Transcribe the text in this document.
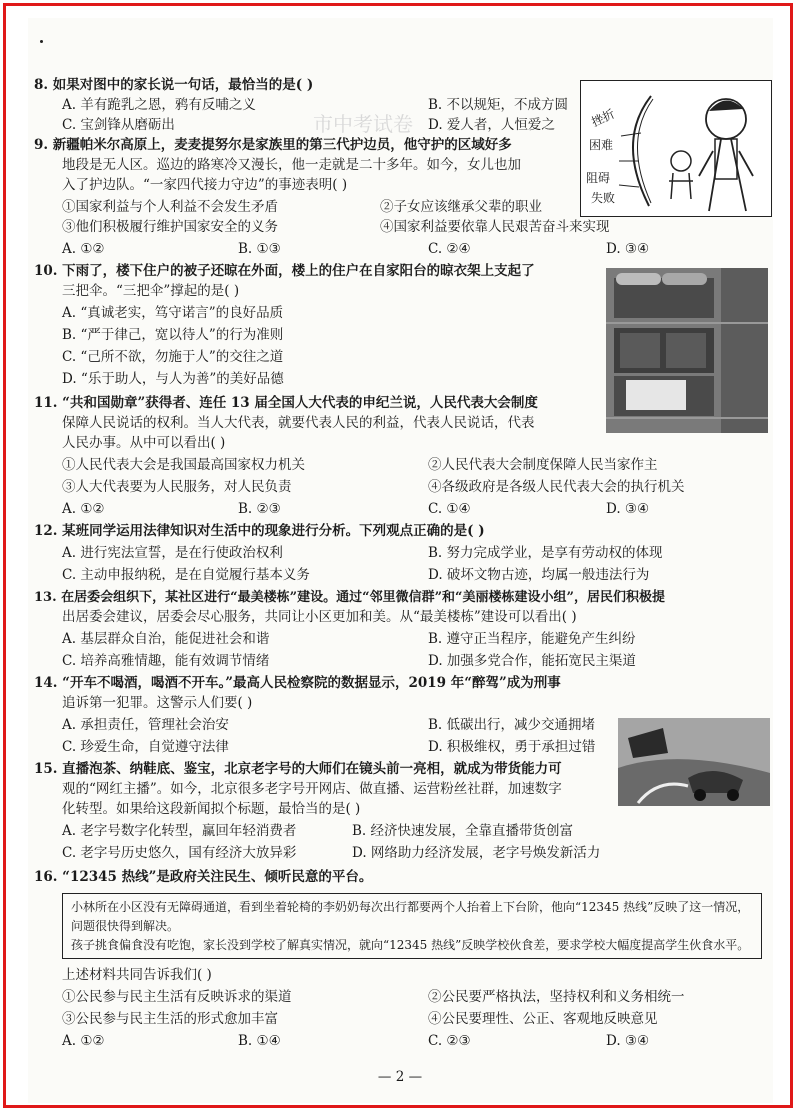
市中考试卷
8. 如果对图中的家长说一句话，最恰当的是( )
A. 羊有跪乳之恩，鸦有反哺之义	B. 不以规矩，不成方圆
C. 宝剑锋从磨砺出	D. 爱人者，人恒爱之	挫折
困难
阻碍
失败
9. 新疆帕米尔高原上，麦麦提努尔是家族里的第三代护边员，他守护的区域好多
地段是无人区。巡边的路寒冷又漫长，他一走就是二十多年。如今，女儿也加
入了护边队。“一家四代接力守边”的事迹表明( )
①国家利益与个人利益不会发生矛盾	②子女应该继承父辈的职业
③他们积极履行维护国家安全的义务	④国家利益要依靠人民艰苦奋斗来实现
A. ①②	B. ①③	C. ②④	D. ③④
10. 下雨了，楼下住户的被子还晾在外面，楼上的住户在自家阳台的晾衣架上支起了
三把伞。“三把伞”撑起的是( )
A. “真诚老实，笃守诺言”的良好品质
B. “严于律己，宽以待人”的行为准则
C. “己所不欲，勿施于人”的交往之道
D. “乐于助人，与人为善”的美好品德
11. “共和国勋章”获得者、连任 13 届全国人大代表的申纪兰说，人民代表大会制度
保障人民说话的权利。当人大代表，就要代表人民的利益，代表人民说话，代表
人民办事。从中可以看出( )
①人民代表大会是我国最高国家权力机关	②人民代表大会制度保障人民当家作主
③人大代表要为人民服务，对人民负责	④各级政府是各级人民代表大会的执行机关
A. ①②	B. ②③	C. ①④	D. ③④
12. 某班同学运用法律知识对生活中的现象进行分析。下列观点正确的是( )
A. 进行宪法宣誓，是在行使政治权利	B. 努力完成学业，是享有劳动权的体现
C. 主动申报纳税，是在自觉履行基本义务	D. 破坏文物古迹，均属一般违法行为
13. 在居委会组织下，某社区进行“最美楼栋”建设。通过“邻里微信群”和“美丽楼栋建设小组”，居民们积极提
出居委会建议，居委会尽心服务，共同让小区更加和美。从“最美楼栋”建设可以看出( )
A. 基层群众自治，能促进社会和谐	B. 遵守正当程序，能避免产生纠纷
C. 培养高雅情趣，能有效调节情绪	D. 加强多党合作，能拓宽民主渠道
14. “开车不喝酒，喝酒不开车。”最高人民检察院的数据显示，2019 年“醉驾”成为刑事
追诉第一犯罪。这警示人们要( )
A. 承担责任，管理社会治安	B. 低碳出行，减少交通拥堵
C. 珍爱生命，自觉遵守法律	D. 积极维权，勇于承担过错
15. 直播泡茶、纳鞋底、鉴宝，北京老字号的大师们在镜头前一亮相，就成为带货能力可
观的“网红主播”。如今，北京很多老字号开网店、做直播、运营粉丝社群，加速数字
化转型。如果给这段新闻拟个标题，最恰当的是( )
A. 老字号数字化转型，赢回年轻消费者	B. 经济快速发展，全靠直播带货创富
C. 老字号历史悠久，国有经济大放异彩	D. 网络助力经济发展，老字号焕发新活力
16. “12345 热线”是政府关注民生、倾听民意的平台。
小林所在小区没有无障碍通道，看到坐着轮椅的李奶奶每次出行都要两个人抬着上下台阶，他向“12345 热线”反映了这一情况，问题很快得到解决。
孩子挑食偏食没有吃饱，家长没到学校了解真实情况，就向“12345 热线”反映学校伙食差，要求学校大幅度提高学生伙食水平。
上述材料共同告诉我们( )
①公民参与民主生活有反映诉求的渠道	②公民要严格执法，坚持权利和义务相统一
③公民参与民主生活的形式愈加丰富	④公民要理性、公正、客观地反映意见
A. ①②	B. ①④	C. ②③	D. ③④
— 2 —
